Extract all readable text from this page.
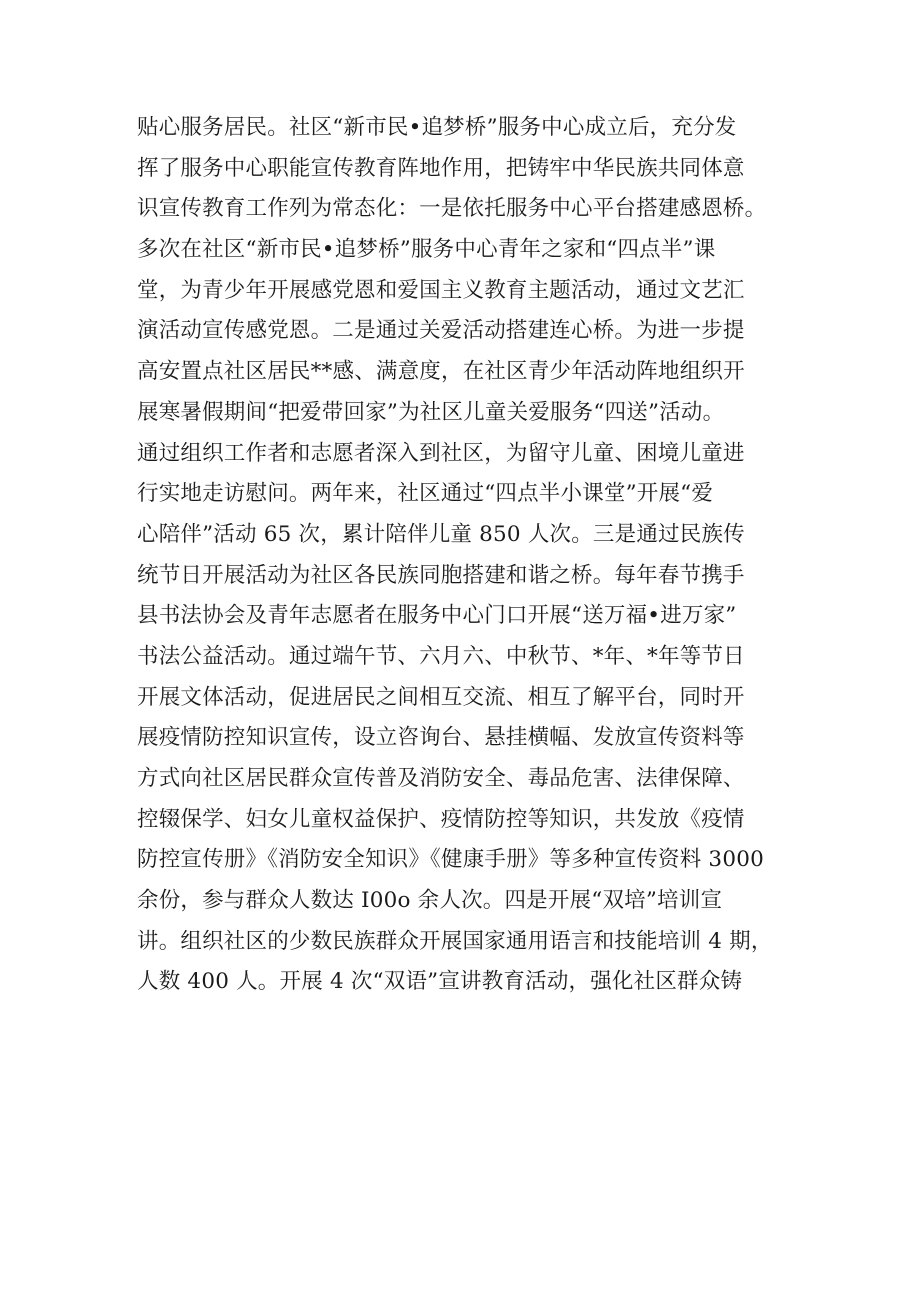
贴心服务居民。社区“新市民•追梦桥”服务中心成立后，充分发
挥了服务中心职能宣传教育阵地作用，把铸牢中华民族共同体意
识宣传教育工作列为常态化：一是依托服务中心平台搭建感恩桥。
多次在社区“新市民•追梦桥”服务中心青年之家和“四点半”课
堂，为青少年开展感党恩和爱国主义教育主题活动，通过文艺汇
演活动宣传感党恩。二是通过关爱活动搭建连心桥。为进一步提
高安置点社区居民**感、满意度，在社区青少年活动阵地组织开
展寒暑假期间“把爱带回家”为社区儿童关爱服务“四送”活动。
通过组织工作者和志愿者深入到社区，为留守儿童、困境儿童进
行实地走访慰问。两年来，社区通过“四点半小课堂”开展“爱
心陪伴”活动 65 次，累计陪伴儿童 850 人次。三是通过民族传
统节日开展活动为社区各民族同胞搭建和谐之桥。每年春节携手
县书法协会及青年志愿者在服务中心门口开展“送万福•进万家”
书法公益活动。通过端午节、六月六、中秋节、*年、*年等节日
开展文体活动，促进居民之间相互交流、相互了解平台，同时开
展疫情防控知识宣传，设立咨询台、悬挂横幅、发放宣传资料等
方式向社区居民群众宣传普及消防安全、毒品危害、法律保障、
控辍保学、妇女儿童权益保护、疫情防控等知识，共发放《疫情
防控宣传册》《消防安全知识》《健康手册》等多种宣传资料 3000
余份，参与群众人数达 I00o 余人次。四是开展“双培”培训宣
讲。组织社区的少数民族群众开展国家通用语言和技能培训 4 期，
人数 400 人。开展 4 次“双语”宣讲教育活动，强化社区群众铸
